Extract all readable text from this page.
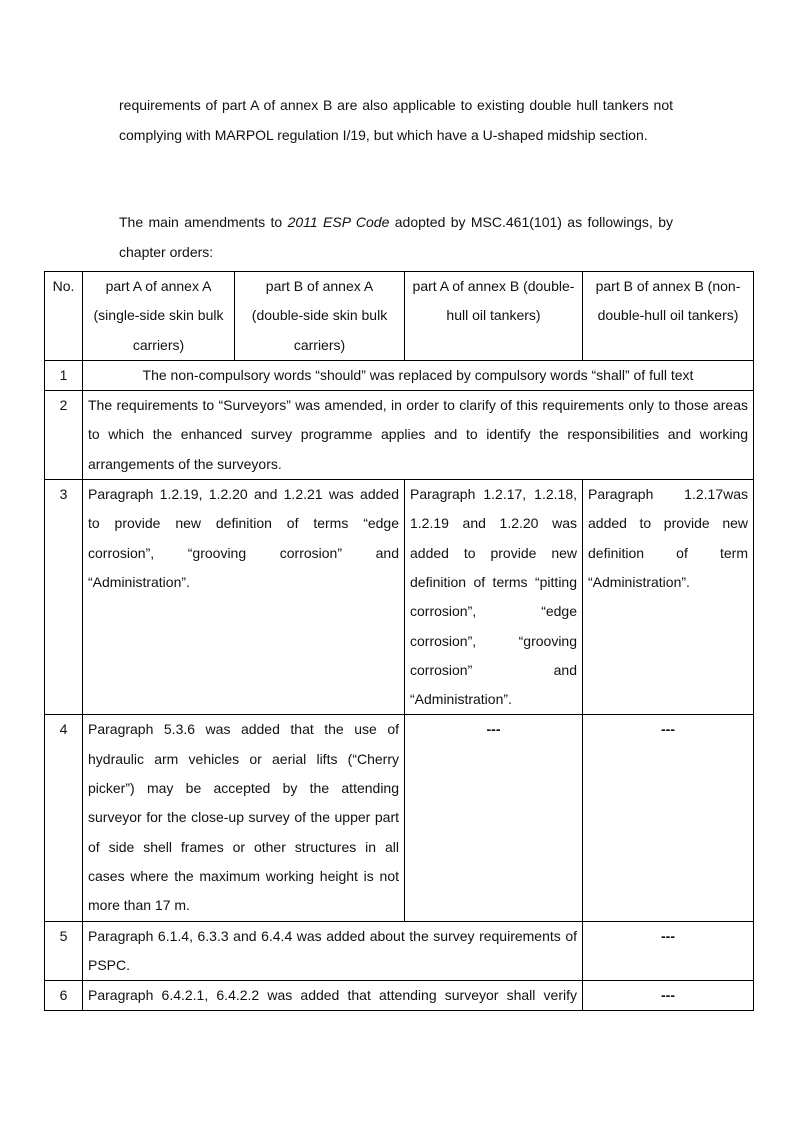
requirements of part A of annex B are also applicable to existing double hull tankers not complying with MARPOL regulation I/19, but which have a U-shaped midship section.
The main amendments to 2011 ESP Code adopted by MSC.461(101) as followings, by chapter orders:
No.	part A of annex A (single-side skin bulk carriers)	part B of annex A (double-side skin bulk carriers)	part A of annex B (double-hull oil tankers)	part B of annex B (non-double-hull oil tankers)
1	The non-compulsory words “should” was replaced by compulsory words “shall” of full text			
2	The requirements to “Surveyors” was amended, in order to clarify of this requirements only to those areas to which the enhanced survey programme applies and to identify the responsibilities and working arrangements of the surveyors.			
3	Paragraph 1.2.19, 1.2.20 and 1.2.21 was added to provide new definition of terms “edge corrosion”, “grooving corrosion” and “Administration”.		Paragraph 1.2.17, 1.2.18, 1.2.19 and 1.2.20 was added to provide new definition of terms “pitting corrosion”, “edge corrosion”, “grooving corrosion” and “Administration”.	Paragraph 1.2.17was added to provide new definition of term “Administration”.
4	Paragraph 5.3.6 was added that the use of hydraulic arm vehicles or aerial lifts (“Cherry picker”) may be accepted by the attending surveyor for the close-up survey of the upper part of side shell frames or other structures in all cases where the maximum working height is not more than 17 m.		---	---
5	Paragraph 6.1.4, 6.3.3 and 6.4.4 was added about the survey requirements of PSPC.			---
6	Paragraph 6.4.2.1, 6.4.2.2 was added that attending surveyor shall verify			---
